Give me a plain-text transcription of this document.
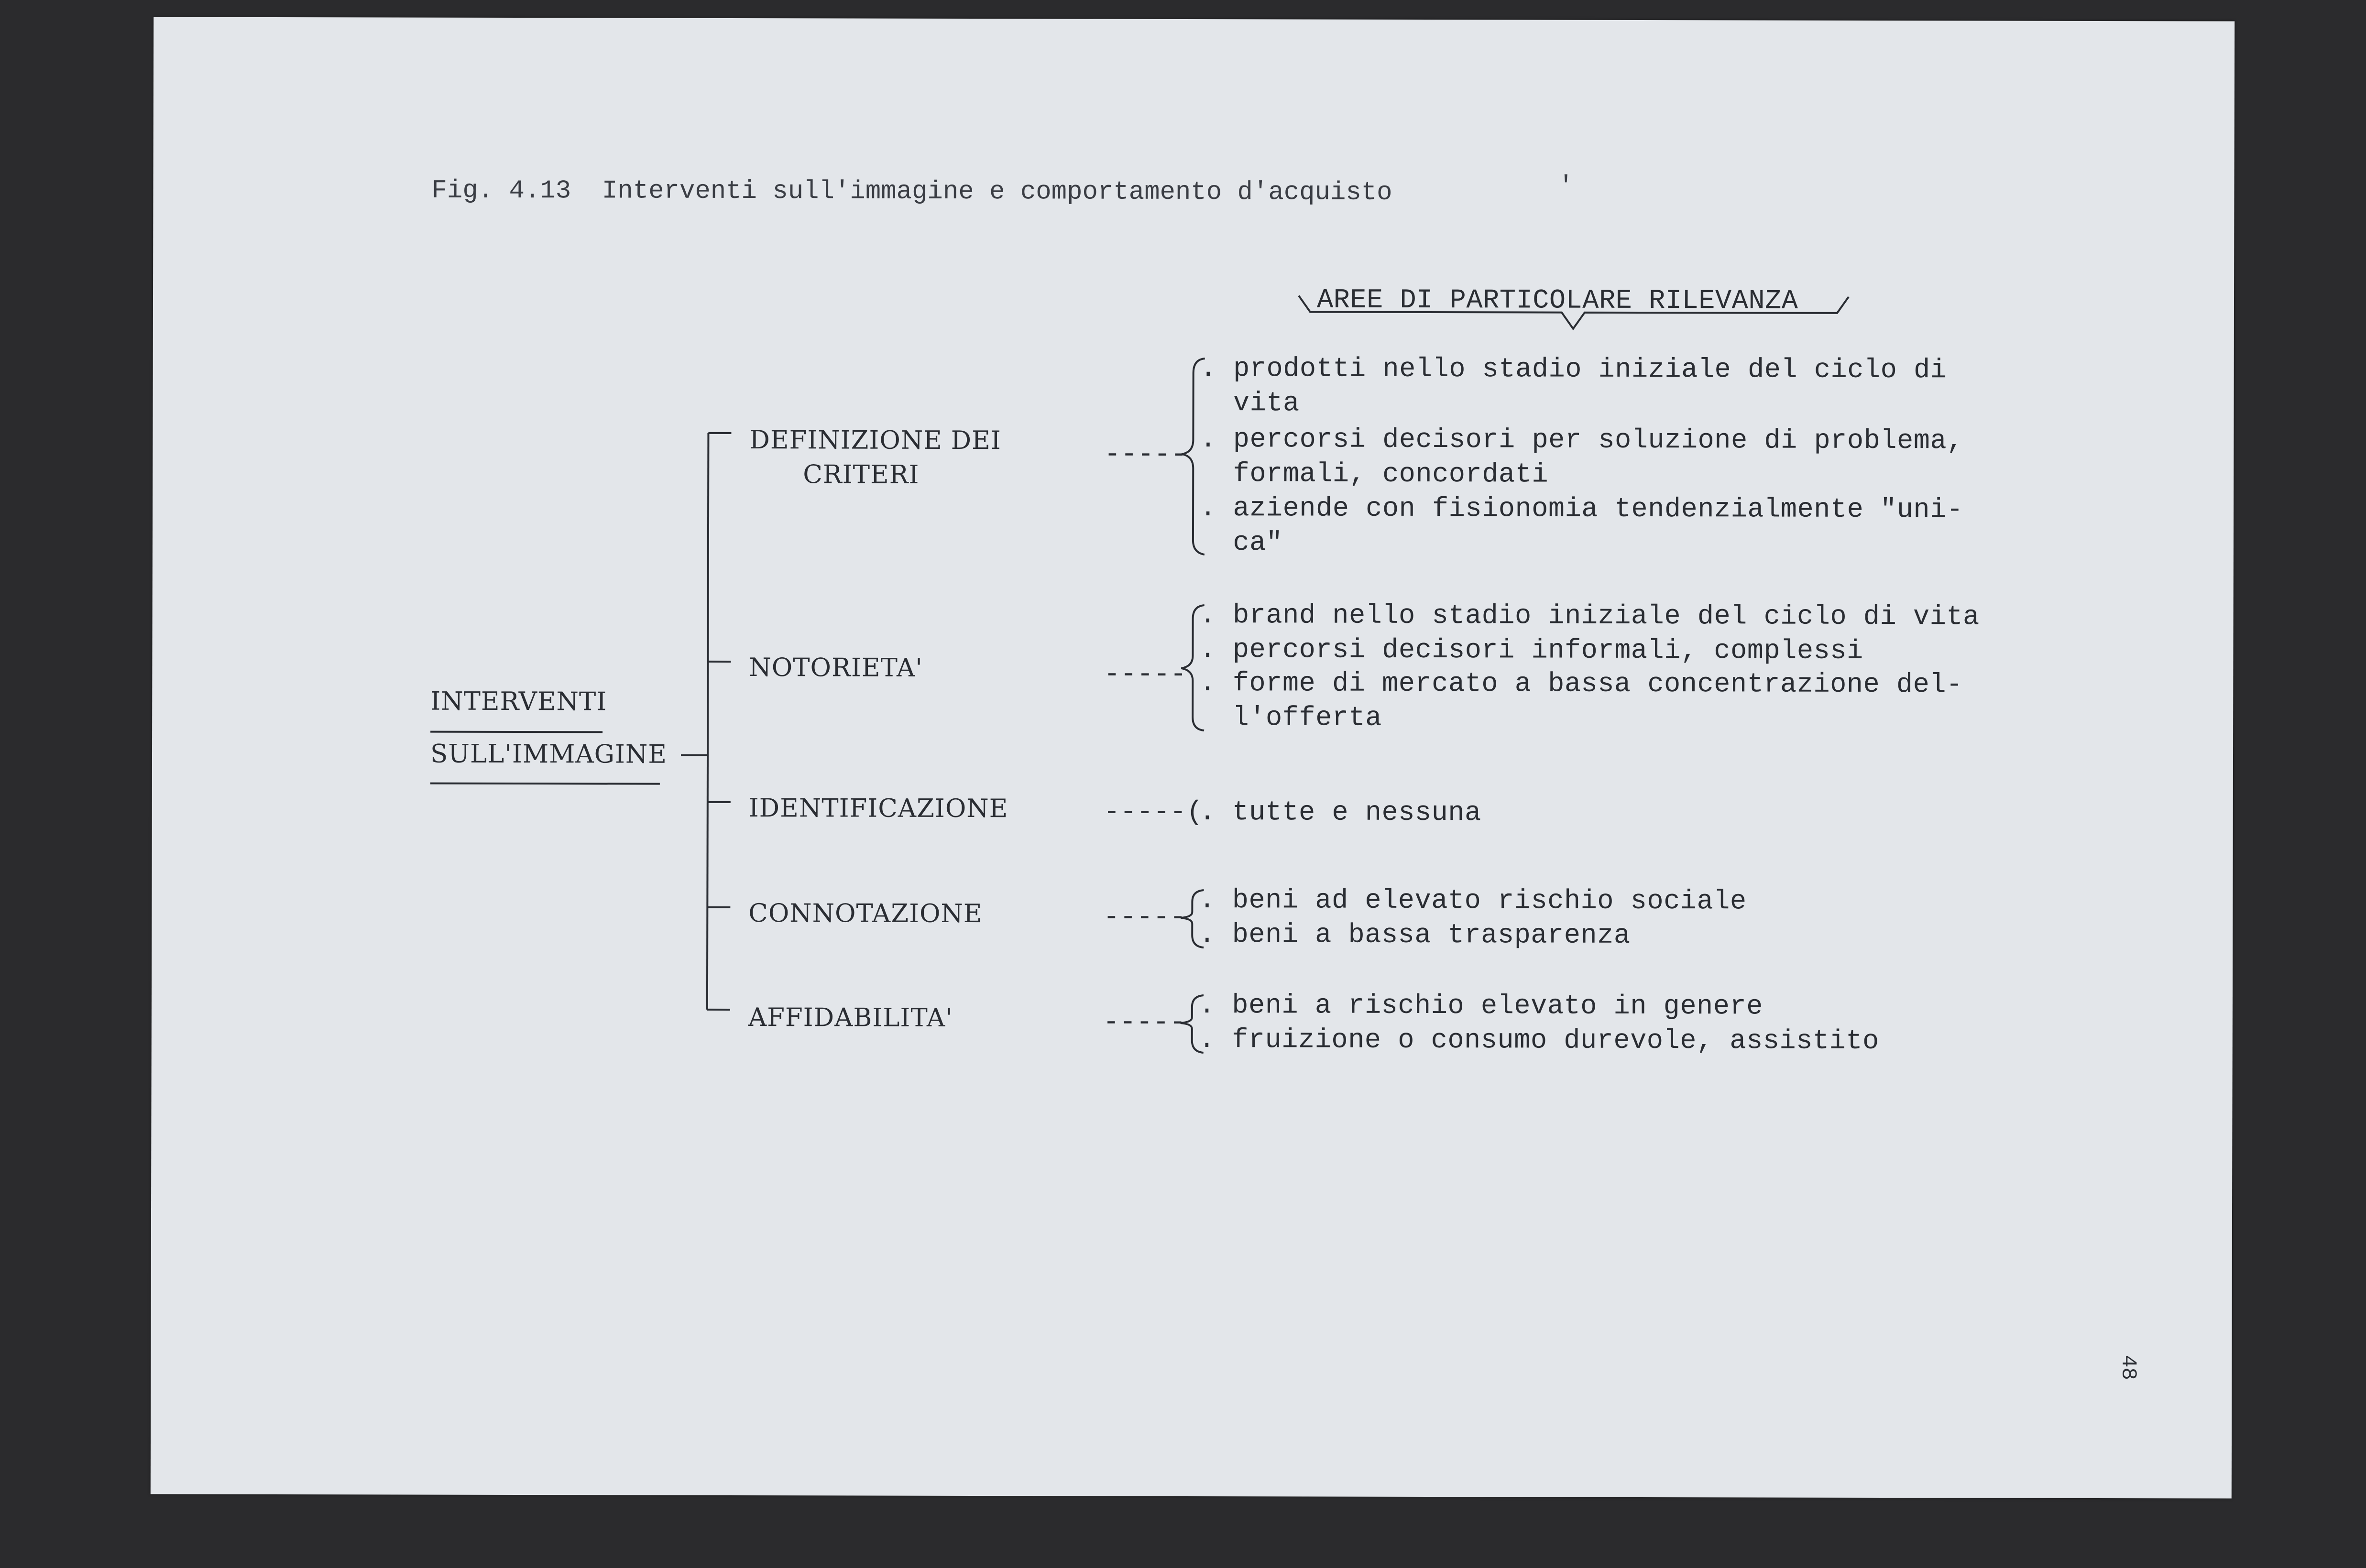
Fig. 4.13  Interventi sull'immagine e comportamento d'acquisto	'
AREE DI PARTICOLARE RILEVANZA
INTERVENTI
SULL'IMMAGINE
DEFINIZIONE DEI
CRITERI
NOTORIETA'
IDENTIFICAZIONE
CONNOTAZIONE
AFFIDABILITA'
-----
-----
-----(
-----
-----
. prodotti nello stadio iniziale del ciclo di
vita
. percorsi decisori per soluzione di problema,
formali, concordati
. aziende con fisionomia tendenzialmente "uni-
ca"
. brand nello stadio iniziale del ciclo di vita
. percorsi decisori informali, complessi
. forme di mercato a bassa concentrazione del-
l'offerta
. tutte e nessuna
. beni ad elevato rischio sociale
. beni a bassa trasparenza
. beni a rischio elevato in genere
. fruizione o consumo durevole, assistito
48
